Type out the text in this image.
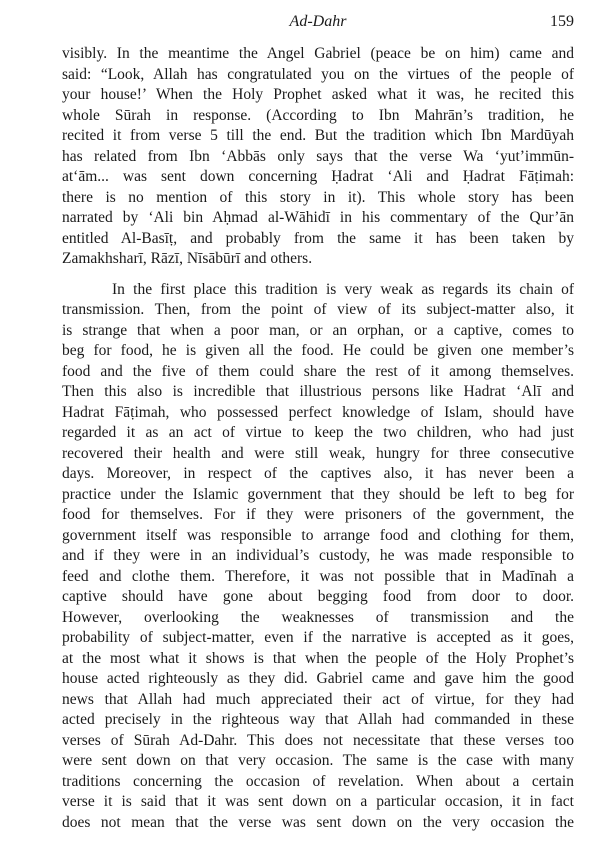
Ad-Dahr	159

visibly. In the meantime the Angel Gabriel (peace be on him) came and
said: “Look, Allah has congratulated you on the virtues of the people of
your house!’ When the Holy Prophet asked what it was, he recited this
whole Sūrah in response. (According to Ibn Mahrān’s tradition, he
recited it from verse 5 till the end. But the tradition which Ibn Mardūyah
has related from Ibn ‘Abbās only says that the verse Wa ‘yut’immūn-
at‘ām... was sent down concerning Ḥadrat ‘Ali and Ḥadrat Fāṭimah:
there is no mention of this story in it). This whole story has been
narrated by ‘Ali bin Aḥmad al-Wāhidī in his commentary of the Qur’ān
entitled Al-Basīṭ, and probably from the same it has been taken by
Zamakhsharī, Rāzī, Nīsābūrī and others.

In the first place this tradition is very weak as regards its chain of
transmission. Then, from the point of view of its subject-matter also, it
is strange that when a poor man, or an orphan, or a captive, comes to
beg for food, he is given all the food. He could be given one member’s
food and the five of them could share the rest of it among themselves.
Then this also is incredible that illustrious persons like Hadrat ‘Alī and
Hadrat Fāṭimah, who possessed perfect knowledge of Islam, should have
regarded it as an act of virtue to keep the two children, who had just
recovered their health and were still weak, hungry for three consecutive
days. Moreover, in respect of the captives also, it has never been a
practice under the Islamic government that they should be left to beg for
food for themselves. For if they were prisoners of the government, the
government itself was responsible to arrange food and clothing for them,
and if they were in an individual’s custody, he was made responsible to
feed and clothe them. Therefore, it was not possible that in Madīnah a
captive should have gone about begging food from door to door.
However, overlooking the weaknesses of transmission and the
probability of subject-matter, even if the narrative is accepted as it goes,
at the most what it shows is that when the people of the Holy Prophet’s
house acted righteously as they did. Gabriel came and gave him the good
news that Allah had much appreciated their act of virtue, for they had
acted precisely in the righteous way that Allah had commanded in these
verses of Sūrah Ad-Dahr. This does not necessitate that these verses too
were sent down on that very occasion. The same is the case with many
traditions concerning the occasion of revelation. When about a certain
verse it is said that it was sent down on a particular occasion, it in fact
does not mean that the verse was sent down on the very occasion the
